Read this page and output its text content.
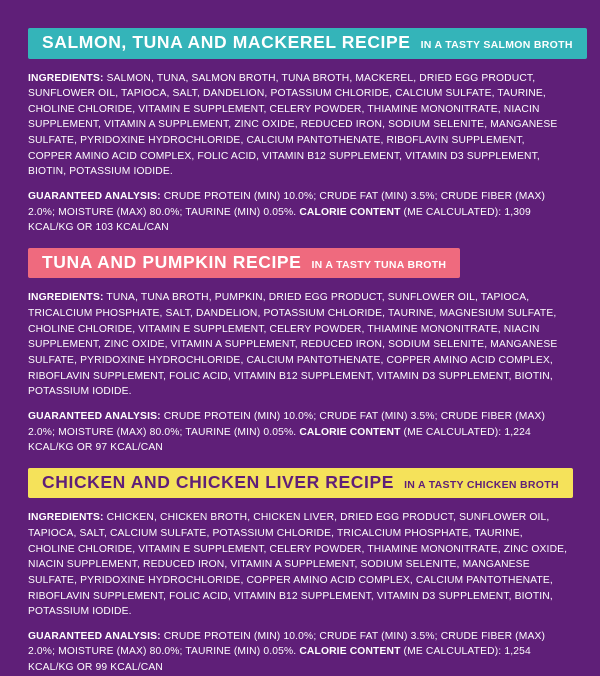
SALMON, TUNA AND MACKEREL RECIPE IN A TASTY SALMON BROTH

INGREDIENTS: SALMON, TUNA, SALMON BROTH, TUNA BROTH, MACKEREL, DRIED EGG PRODUCT, SUNFLOWER OIL, TAPIOCA, SALT, DANDELION, POTASSIUM CHLORIDE, CALCIUM SULFATE, TAURINE, CHOLINE CHLORIDE, VITAMIN E SUPPLEMENT, CELERY POWDER, THIAMINE MONONITRATE, NIACIN SUPPLEMENT, VITAMIN A SUPPLEMENT, ZINC OXIDE, REDUCED IRON, SODIUM SELENITE, MANGANESE SULFATE, PYRIDOXINE HYDROCHLORIDE, CALCIUM PANTOTHENATE, RIBOFLAVIN SUPPLEMENT, COPPER AMINO ACID COMPLEX, FOLIC ACID, VITAMIN B12 SUPPLEMENT, VITAMIN D3 SUPPLEMENT, BIOTIN, POTASSIUM IODIDE.

GUARANTEED ANALYSIS: CRUDE PROTEIN (MIN) 10.0%; CRUDE FAT (MIN) 3.5%; CRUDE FIBER (MAX) 2.0%; MOISTURE (MAX) 80.0%; TAURINE (MIN) 0.05%. CALORIE CONTENT (ME CALCULATED): 1,309 KCAL/KG OR 103 KCAL/CAN

TUNA AND PUMPKIN RECIPE IN A TASTY TUNA BROTH

INGREDIENTS: TUNA, TUNA BROTH, PUMPKIN, DRIED EGG PRODUCT, SUNFLOWER OIL, TAPIOCA, TRICALCIUM PHOSPHATE, SALT, DANDELION, POTASSIUM CHLORIDE, TAURINE, MAGNESIUM SULFATE, CHOLINE CHLORIDE, VITAMIN E SUPPLEMENT, CELERY POWDER, THIAMINE MONONITRATE, NIACIN SUPPLEMENT, ZINC OXIDE, VITAMIN A SUPPLEMENT, REDUCED IRON, SODIUM SELENITE, MANGANESE SULFATE, PYRIDOXINE HYDROCHLORIDE, CALCIUM PANTOTHENATE, COPPER AMINO ACID COMPLEX, RIBOFLAVIN SUPPLEMENT, FOLIC ACID, VITAMIN B12 SUPPLEMENT, VITAMIN D3 SUPPLEMENT, BIOTIN, POTASSIUM IODIDE.

GUARANTEED ANALYSIS: CRUDE PROTEIN (MIN) 10.0%; CRUDE FAT (MIN) 3.5%; CRUDE FIBER (MAX) 2.0%; MOISTURE (MAX) 80.0%; TAURINE (MIN) 0.05%. CALORIE CONTENT (ME CALCULATED): 1,224 KCAL/KG OR 97 KCAL/CAN

CHICKEN AND CHICKEN LIVER RECIPE IN A TASTY CHICKEN BROTH

INGREDIENTS: CHICKEN, CHICKEN BROTH, CHICKEN LIVER, DRIED EGG PRODUCT, SUNFLOWER OIL, TAPIOCA, SALT, CALCIUM SULFATE, POTASSIUM CHLORIDE, TRICALCIUM PHOSPHATE, TAURINE, CHOLINE CHLORIDE, VITAMIN E SUPPLEMENT, CELERY POWDER, THIAMINE MONONITRATE, ZINC OXIDE, NIACIN SUPPLEMENT, REDUCED IRON, VITAMIN A SUPPLEMENT, SODIUM SELENITE, MANGANESE SULFATE, PYRIDOXINE HYDROCHLORIDE, COPPER AMINO ACID COMPLEX, CALCIUM PANTOTHENATE, RIBOFLAVIN SUPPLEMENT, FOLIC ACID, VITAMIN B12 SUPPLEMENT, VITAMIN D3 SUPPLEMENT, BIOTIN, POTASSIUM IODIDE.

GUARANTEED ANALYSIS: CRUDE PROTEIN (MIN) 10.0%; CRUDE FAT (MIN) 3.5%; CRUDE FIBER (MAX) 2.0%; MOISTURE (MAX) 80.0%; TAURINE (MIN) 0.05%. CALORIE CONTENT (ME CALCULATED): 1,254 KCAL/KG OR 99 KCAL/CAN
